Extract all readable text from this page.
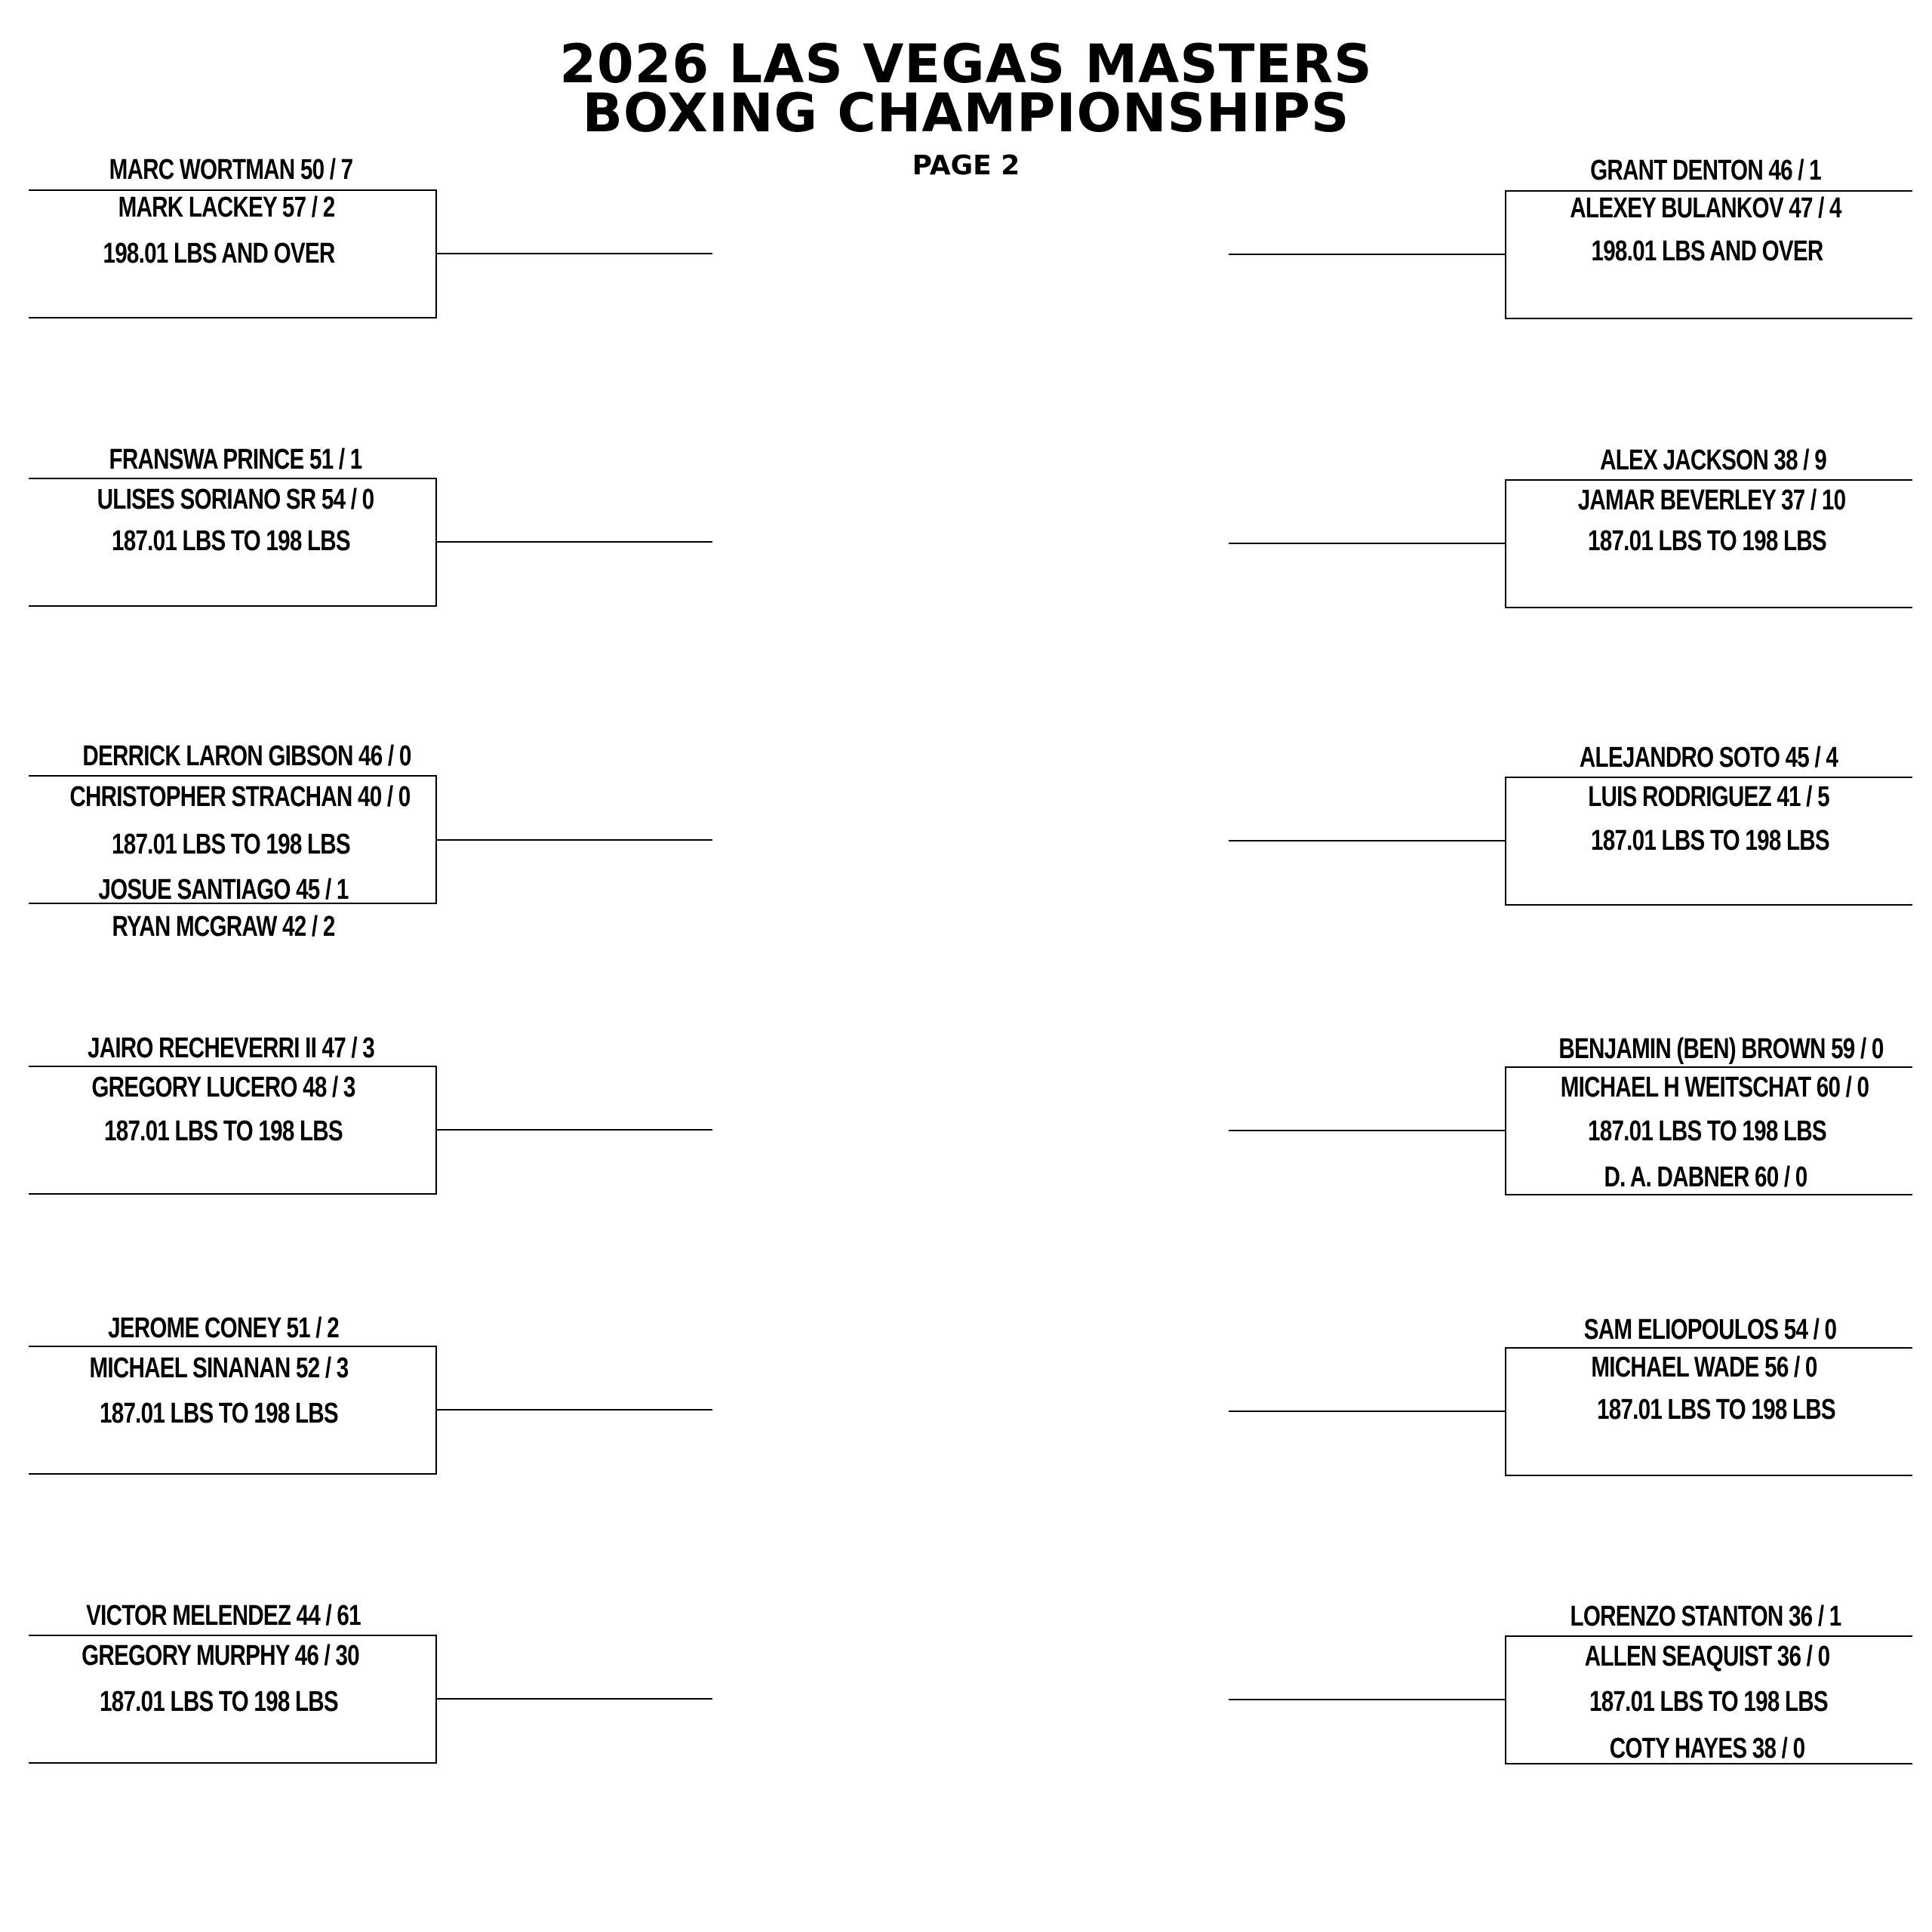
2026 LAS VEGAS MASTERS
BOXING CHAMPIONSHIPS
PAGE 2
MARC WORTMAN 50 / 7
MARK LACKEY 57 / 2
198.01 LBS AND OVER
FRANSWA PRINCE 51 / 1
ULISES SORIANO SR 54 / 0
187.01 LBS TO 198 LBS
DERRICK LARON GIBSON 46 / 0
CHRISTOPHER STRACHAN 40 / 0
187.01 LBS TO 198 LBS
JOSUE SANTIAGO 45 / 1
RYAN MCGRAW 42 / 2
JAIRO RECHEVERRI II 47 / 3
GREGORY LUCERO 48 / 3
187.01 LBS TO 198 LBS
JEROME CONEY 51 / 2
MICHAEL SINANAN 52 / 3
187.01 LBS TO 198 LBS
VICTOR MELENDEZ 44 / 61
GREGORY MURPHY 46 / 30
187.01 LBS TO 198 LBS
GRANT DENTON 46 / 1
ALEXEY BULANKOV 47 / 4
198.01 LBS AND OVER
ALEX JACKSON 38 / 9
JAMAR BEVERLEY 37 / 10
187.01 LBS TO 198 LBS
ALEJANDRO SOTO 45 / 4
LUIS RODRIGUEZ 41 / 5
187.01 LBS TO 198 LBS
BENJAMIN (BEN) BROWN 59 / 0
MICHAEL H WEITSCHAT 60 / 0
187.01 LBS TO 198 LBS
D. A. DABNER 60 / 0
SAM ELIOPOULOS 54 / 0
MICHAEL WADE 56 / 0
187.01 LBS TO 198 LBS
LORENZO STANTON 36 / 1
ALLEN SEAQUIST 36 / 0
187.01 LBS TO 198 LBS
COTY HAYES 38 / 0
